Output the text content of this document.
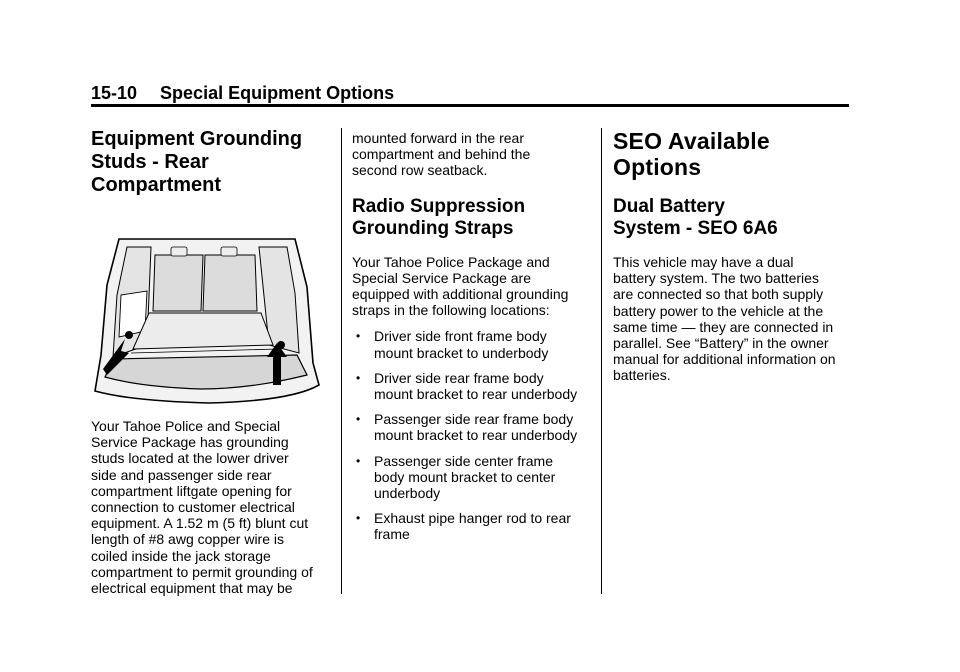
15-10 Special Equipment Options
Equipment Grounding
Studs - Rear
Compartment

Your Tahoe Police and Special
Service Package has grounding
studs located at the lower driver
side and passenger side rear
compartment liftgate opening for
connection to customer electrical
equipment. A 1.52 m (5 ft) blunt cut
length of #8 awg copper wire is
coiled inside the jack storage
compartment to permit grounding of
electrical equipment that may be

mounted forward in the rear
compartment and behind the
second row seatback.

Radio Suppression
Grounding Straps

Your Tahoe Police Package and
Special Service Package are
equipped with additional grounding
straps in the following locations:

• Driver side front frame body
mount bracket to underbody
• Driver side rear frame body
mount bracket to rear underbody
• Passenger side rear frame body
mount bracket to rear underbody
• Passenger side center frame
body mount bracket to center
underbody
• Exhaust pipe hanger rod to rear
frame
SEO Available
Options
Dual Battery
System - SEO 6A6

This vehicle may have a dual
battery system. The two batteries
are connected so that both supply
battery power to the vehicle at the
same time — they are connected in
parallel. See “Battery” in the owner
manual for additional information on
batteries.
